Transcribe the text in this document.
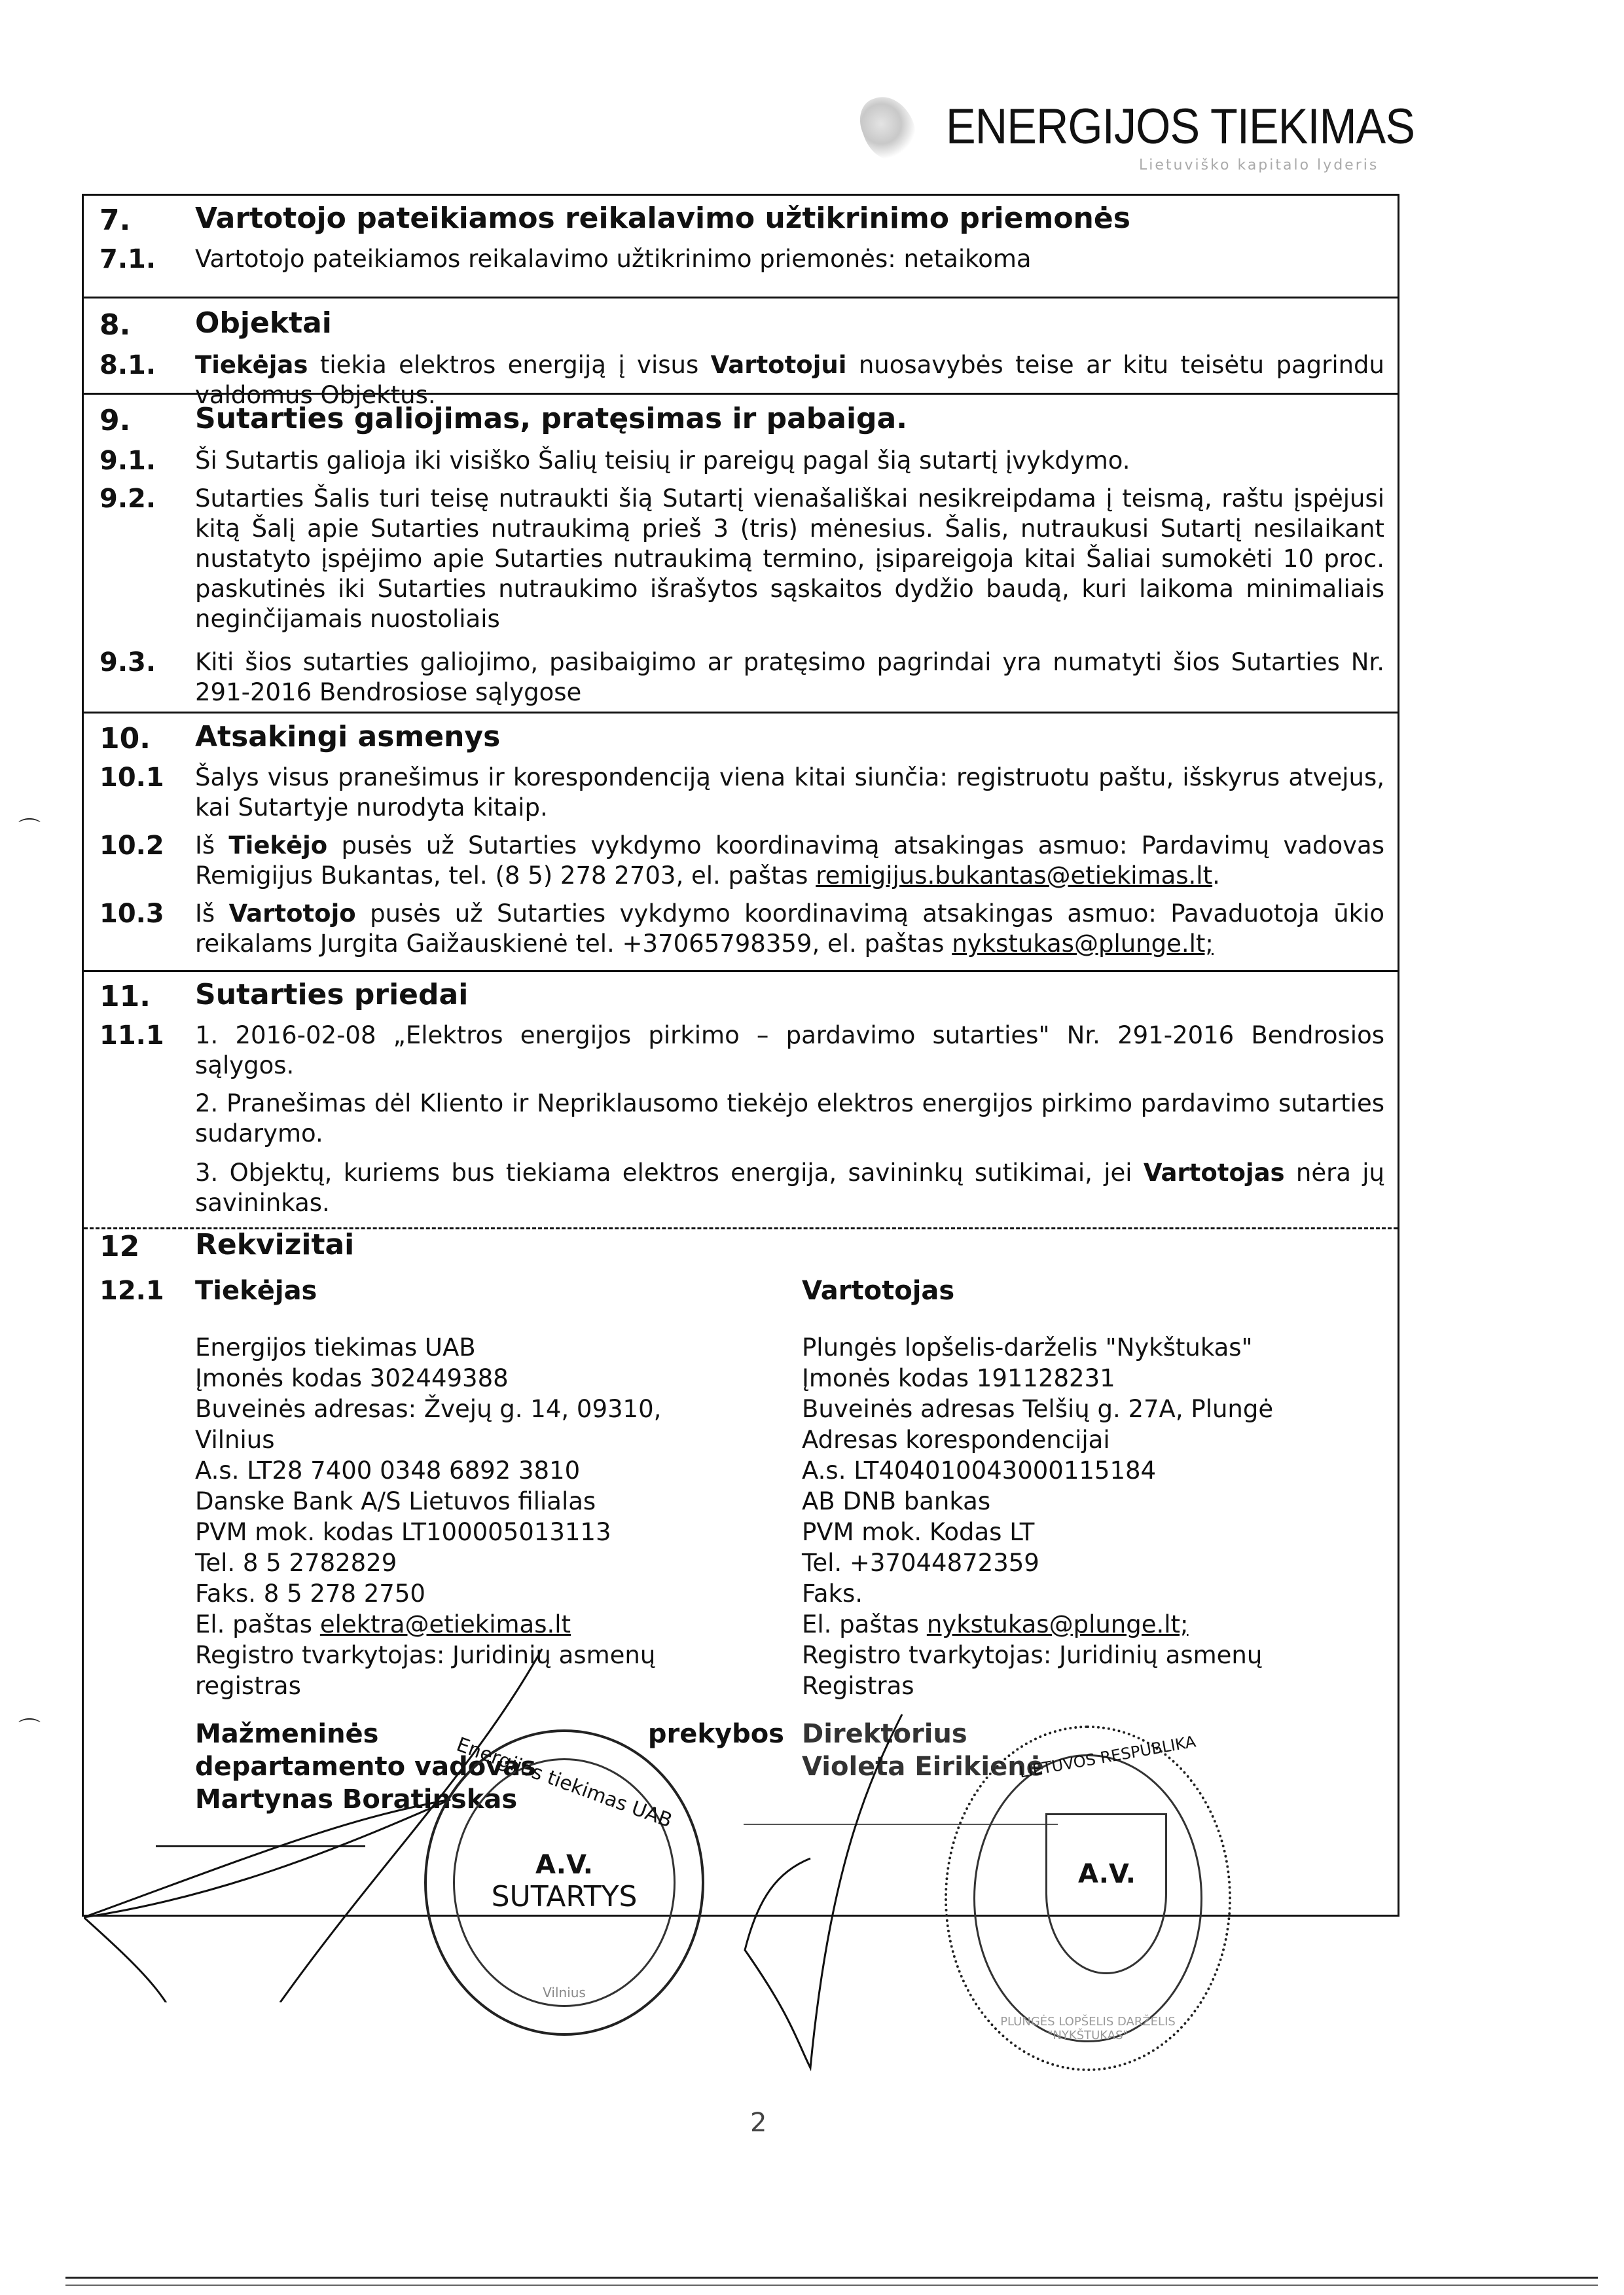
ENERGIJOS TIEKIMAS
Lietuviško kapitalo lyderis
⌒
⌒
7. Vartotojo pateikiamos reikalavimo užtikrinimo priemonės
7.1. Vartotojo pateikiamos reikalavimo užtikrinimo priemonės: netaikoma
8. Objektai
8.1. Tiekėjas tiekia elektros energiją į visus Vartotojui nuosavybės teise ar kitu teisėtu pagrindu valdomus Objektus.
9. Sutarties galiojimas, pratęsimas ir pabaiga.
9.1. Ši Sutartis galioja iki visiško Šalių teisių ir pareigų pagal šią sutartį įvykdymo.
9.2. Sutarties Šalis turi teisę nutraukti šią Sutartį vienašališkai nesikreipdama į teismą, raštu įspėjusi kitą Šalį apie Sutarties nutraukimą prieš 3 (tris) mėnesius. Šalis, nutraukusi Sutartį nesilaikant nustatyto įspėjimo apie Sutarties nutraukimą termino, įsipareigoja kitai Šaliai sumokėti 10 proc. paskutinės iki Sutarties nutraukimo išrašytos sąskaitos dydžio baudą, kuri laikoma minimaliais neginčijamais nuostoliais
9.3. Kiti šios sutarties galiojimo, pasibaigimo ar pratęsimo pagrindai yra numatyti šios Sutarties Nr. 291-2016 Bendrosiose sąlygose
10. Atsakingi asmenys
10.1 Šalys visus pranešimus ir korespondenciją viena kitai siunčia: registruotu paštu, išskyrus atvejus, kai Sutartyje nurodyta kitaip.
10.2 Iš Tiekėjo pusės už Sutarties vykdymo koordinavimą atsakingas asmuo: Pardavimų vadovas Remigijus Bukantas, tel. (8 5) 278 2703, el. paštas remigijus.bukantas@etiekimas.lt.
10.3 Iš Vartotojo pusės už Sutarties vykdymo koordinavimą atsakingas asmuo: Pavaduotoja ūkio reikalams Jurgita Gaižauskienė tel. +37065798359, el. paštas nykstukas@plunge.lt;
11. Sutarties priedai
11.1 1. 2016-02-08 „Elektros energijos pirkimo – pardavimo sutarties" Nr. 291-2016 Bendrosios sąlygos.
2. Pranešimas dėl Kliento ir Nepriklausomo tiekėjo elektros energijos pirkimo pardavimo sutarties sudarymo.
3. Objektų, kuriems bus tiekiama elektros energija, savininkų sutikimai, jei Vartotojas nėra jų savininkas.
12 Rekvizitai
12.1 Tiekėjas	Vartotojas
Energijos tiekimas UAB
Įmonės kodas 302449388
Buveinės adresas: Žvejų g. 14, 09310,
Vilnius
A.s. LT28 7400 0348 6892 3810
Danske Bank A/S Lietuvos filialas
PVM mok. kodas LT100005013113
Tel. 8 5 2782829
Faks. 8 5 278 2750
El. paštas elektra@etiekimas.lt
Registro tvarkytojas: Juridinių asmenų
registras
Plungės lopšelis-darželis "Nykštukas"
Įmonės kodas 191128231
Buveinės adresas Telšių g. 27A, Plungė
Adresas korespondencijai
A.s. LT404010043000115184
AB DNB bankas
PVM mok. Kodas LT
Tel. +37044872359
Faks.
El. paštas nykstukas@plunge.lt;
Registro tvarkytojas: Juridinių asmenų
Registras
Mažmeninės	prekybos
departamento vadovas
Martynas Boratinskas
Energijos tiekimas UAB
A.V.
SUTARTYS
Vilnius
Direktorius
Violeta Eirikienė
LIETUVOS RESPUBLIKA
A.V.
PLUNGĖS LOPŠELIS DARŽELIS "NYKŠTUKAS"
2
